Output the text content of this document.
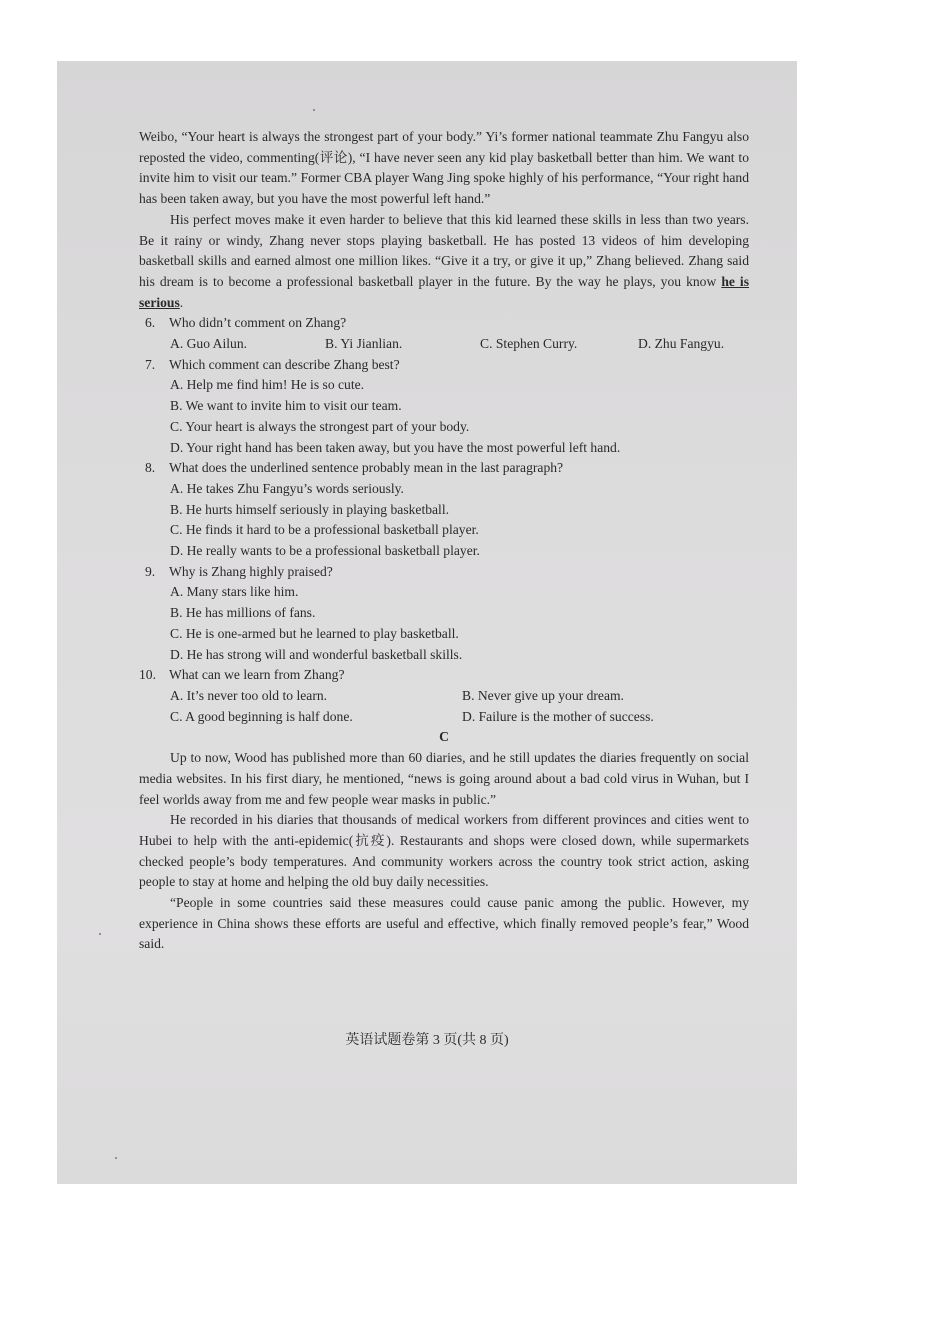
Weibo, “Your heart is always the strongest part of your body.” Yi’s former national teammate Zhu Fangyu also reposted the video, commenting(评论), “I have never seen any kid play basketball better than him. We want to invite him to visit our team.” Former CBA player Wang Jing spoke highly of his performance, “Your right hand has been taken away, but you have the most powerful left hand.”

His perfect moves make it even harder to believe that this kid learned these skills in less than two years. Be it rainy or windy, Zhang never stops playing basketball. He has posted 13 videos of him developing basketball skills and earned almost one million likes. “Give it a try, or give it up,” Zhang believed. Zhang said his dream is to become a professional basketball player in the future. By the way he plays, you know he is serious.

6. Who didn’t comment on Zhang?

A. Guo Ailun.	B. Yi Jianlian.	C. Stephen Curry.	D. Zhu Fangyu.

7. Which comment can describe Zhang best?

A. Help me find him! He is so cute.
B. We want to invite him to visit our team.
C. Your heart is always the strongest part of your body.
D. Your right hand has been taken away, but you have the most powerful left hand.

8. What does the underlined sentence probably mean in the last paragraph?

A. He takes Zhu Fangyu’s words seriously.
B. He hurts himself seriously in playing basketball.
C. He finds it hard to be a professional basketball player.
D. He really wants to be a professional basketball player.

9. Why is Zhang highly praised?

A. Many stars like him.
B. He has millions of fans.
C. He is one-armed but he learned to play basketball.
D. He has strong will and wonderful basketball skills.

10. What can we learn from Zhang?

A. It’s never too old to learn.	B. Never give up your dream.
C. A good beginning is half done.	D. Failure is the mother of success.

C

Up to now, Wood has published more than 60 diaries, and he still updates the diaries frequently on social media websites. In his first diary, he mentioned, “news is going around about a bad cold virus in Wuhan, but I feel worlds away from me and few people wear masks in public.”

He recorded in his diaries that thousands of medical workers from different provinces and cities went to Hubei to help with the anti-epidemic(抗疫). Restaurants and shops were closed down, while supermarkets checked people’s body temperatures. And community workers across the country took strict action, asking people to stay at home and helping the old buy daily necessities.

“People in some countries said these measures could cause panic among the public. However, my experience in China shows these efforts are useful and effective, which finally removed people’s fear,” Wood said.

英语试题卷第 3 页(共 8 页)
